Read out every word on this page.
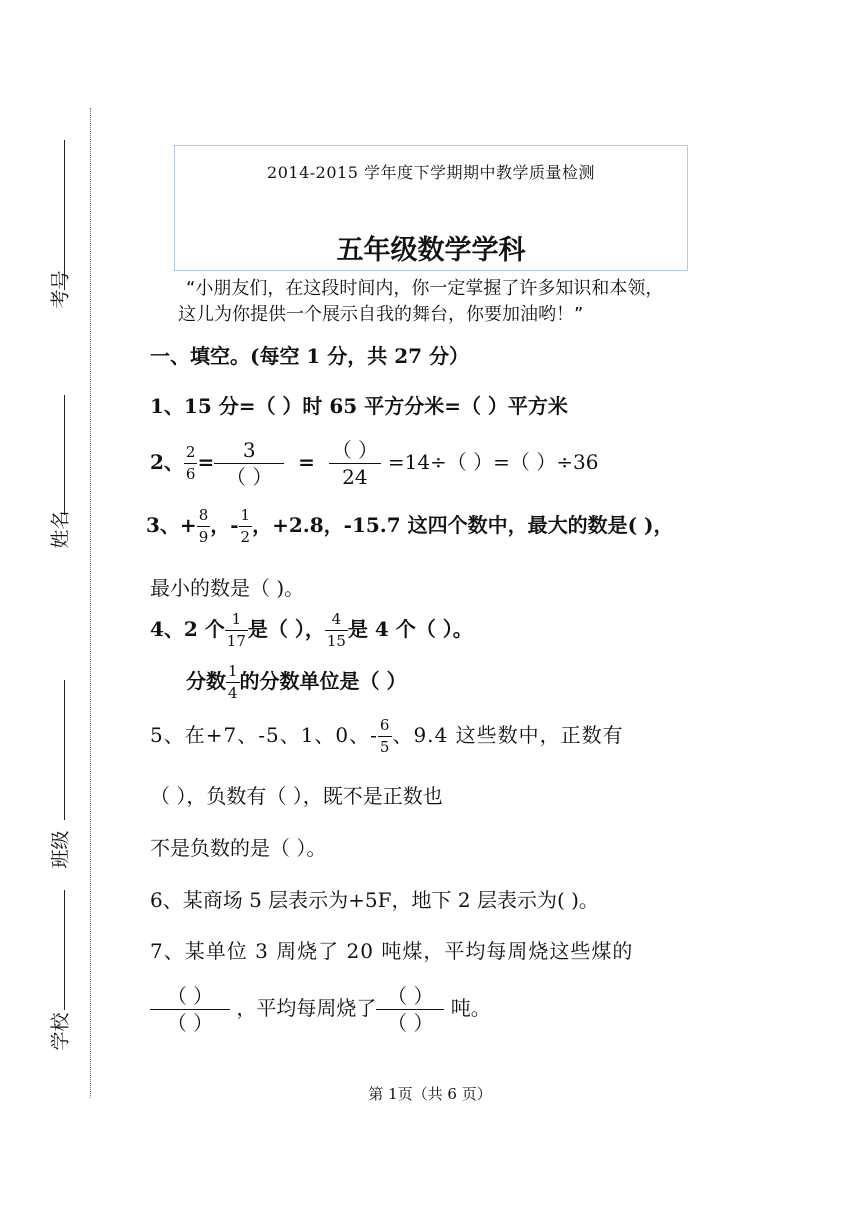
考号
姓名
班级
学校
2014-2015 学年度下学期期中教学质量检测
五年级数学学科
“小朋友们，在这段时间内，你一定掌握了许多知识和本领，
这儿为你提供一个展示自我的舞台，你要加油哟！”
一、填空。(每空 1 分，共 27 分）
1、15 分=（ ）时 65 平方分米=（ ）平方米
2、 $\frac{2}{6} = \frac{3}{( )} = \frac{( )}{24} =14\div$（ ）=（ ）÷36
3、+ $\frac{8}{9}$ ，- $\frac{1}{2}$ ，+2.8，-15.7 这四个数中，最大的数是( )，
最小的数是（ )。
4、2 个 $\frac{1}{17}$ 是（ ）， $\frac{4}{15}$ 是 4 个（ ）。
分数 $\frac{1}{4}$ 的分数单位是（ ）
5、在+7、-5、1、0、- $\frac{6}{5}$ 、9.4 这些数中，正数有
（ ），负数有（ ），既不是正数也
不是负数的是（ ）。
6、某商场 5 层表示为+5F，地下 2 层表示为( )。
7、某单位 3 周烧了 20 吨煤，平均每周烧这些煤的
$\frac{( )}{( )}$ ，平均每周烧了 $\frac{( )}{( )}$ 吨。
第 1页（共 6 页）
